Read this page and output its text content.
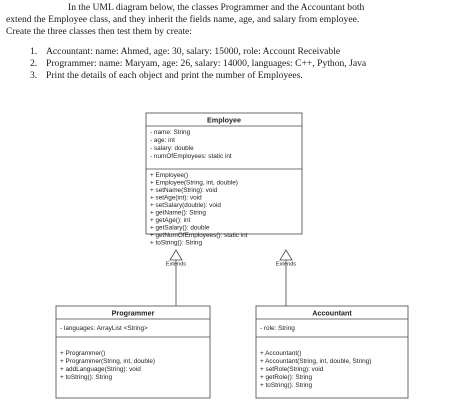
In the UML diagram below, the classes Programmer and the Accountant both

extend the Employee class, and they inherit the fields name, age, and salary from employee.
Create the three classes then test them by create:
1. Accountant: name: Ahmed, age: 30, salary: 15000, role: Account Receivable
2. Programmer: name: Maryam, age: 26, salary: 14000, languages: C++, Python, Java
3. Print the details of each object and print the number of Employees.
Employee
- name: String
- age: int
- salary: double
- numOfEmployees: static int
+ Employee()
+ Employee(String, int, double)
+ setName(String): void
+ setAge(int): void
+ setSalary(double): void
+ getName(): String
+ getAge(): int
+ getSalary(): double
+ getNumOfEmployees(): static int
+ toString(): String
Extends	Extends
Programmer
- languages: ArrayList <String>
+ Programmer()
+ Programmer(String, int, double)
+ addLanguage(String): void
+ toString(): String
Accountant
- role: String
+ Accountant()
+ Accountant(String, int, double, String)
+ setRole(String): void
+ getRole(): String
+ toString(): String
